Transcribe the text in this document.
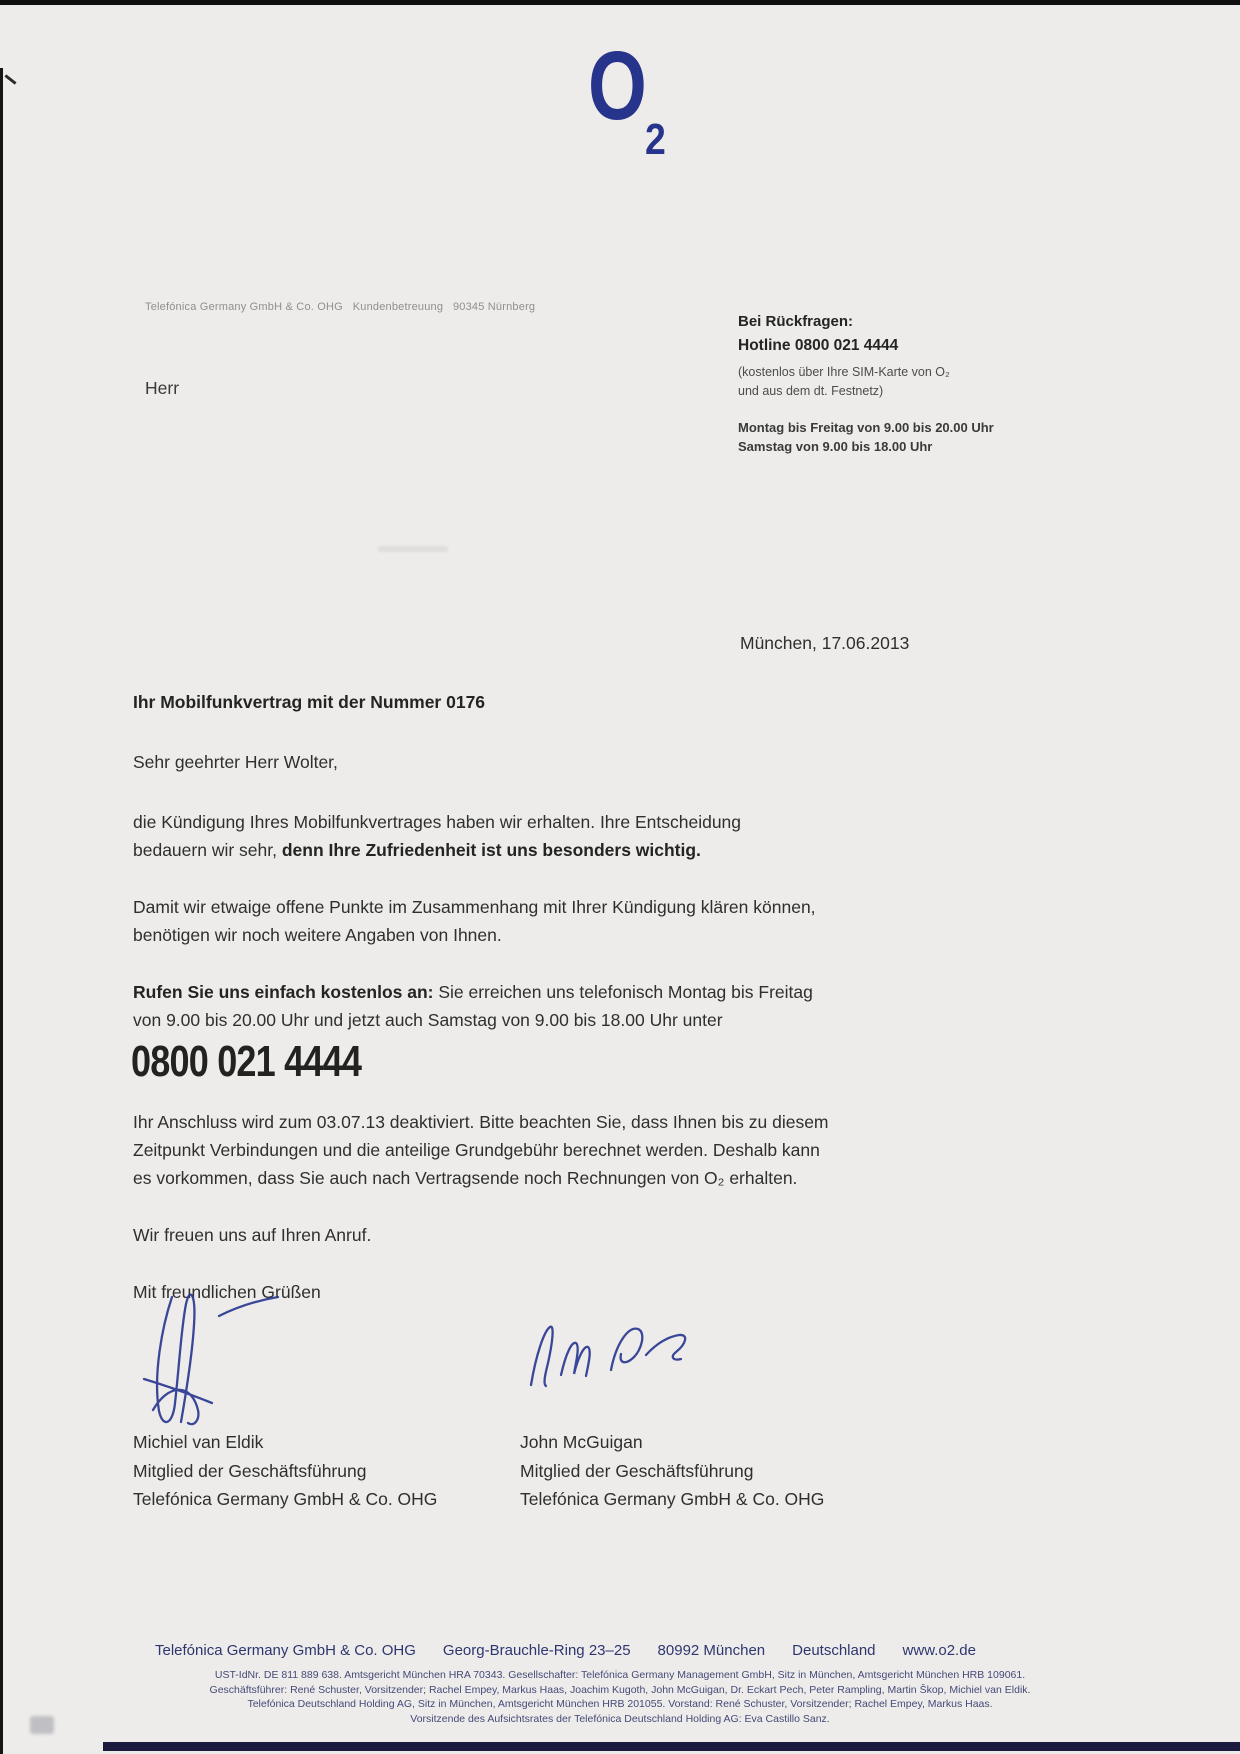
O
2
Telefónica Germany GmbH & Co. OHG   Kundenbetreuung   90345 Nürnberg
Herr
Bei Rückfragen:
Hotline 0800 021 4444
(kostenlos über Ihre SIM-Karte von O₂
und aus dem dt. Festnetz)
Montag bis Freitag von 9.00 bis 20.00 Uhr
Samstag von 9.00 bis 18.00 Uhr
München, 17.06.2013
Ihr Mobilfunkvertrag mit der Nummer 0176
Sehr geehrter Herr Wolter,
die Kündigung Ihres Mobilfunkvertrages haben wir erhalten. Ihre Entscheidung
bedauern wir sehr, denn Ihre Zufriedenheit ist uns besonders wichtig.
Damit wir etwaige offene Punkte im Zusammenhang mit Ihrer Kündigung klären können,
benötigen wir noch weitere Angaben von Ihnen.
Rufen Sie uns einfach kostenlos an: Sie erreichen uns telefonisch Montag bis Freitag
von 9.00 bis 20.00 Uhr und jetzt auch Samstag von 9.00 bis 18.00 Uhr unter
0800 021 4444
Ihr Anschluss wird zum 03.07.13 deaktiviert. Bitte beachten Sie, dass Ihnen bis zu diesem
Zeitpunkt Verbindungen und die anteilige Grundgebühr berechnet werden. Deshalb kann
es vorkommen, dass Sie auch nach Vertragsende noch Rechnungen von O₂ erhalten.
Wir freuen uns auf Ihren Anruf.
Mit freundlichen Grüßen
Michiel van Eldik
Mitglied der Geschäftsführung
Telefónica Germany GmbH & Co. OHG
John McGuigan
Mitglied der Geschäftsführung
Telefónica Germany GmbH & Co. OHG
Telefónica Germany GmbH & Co. OHG Georg-Brauchle-Ring 23–25 80992 München Deutschland www.o2.de
UST-IdNr. DE 811 889 638. Amtsgericht München HRA 70343. Gesellschafter: Telefónica Germany Management GmbH, Sitz in München, Amtsgericht München HRB 109061.
Geschäftsführer: René Schuster, Vorsitzender; Rachel Empey, Markus Haas, Joachim Kugoth, John McGuigan, Dr. Eckart Pech, Peter Rampling, Martin Škop, Michiel van Eldik.
Telefónica Deutschland Holding AG, Sitz in München, Amtsgericht München HRB 201055. Vorstand: René Schuster, Vorsitzender; Rachel Empey, Markus Haas.
Vorsitzende des Aufsichtsrates der Telefónica Deutschland Holding AG: Eva Castillo Sanz.
